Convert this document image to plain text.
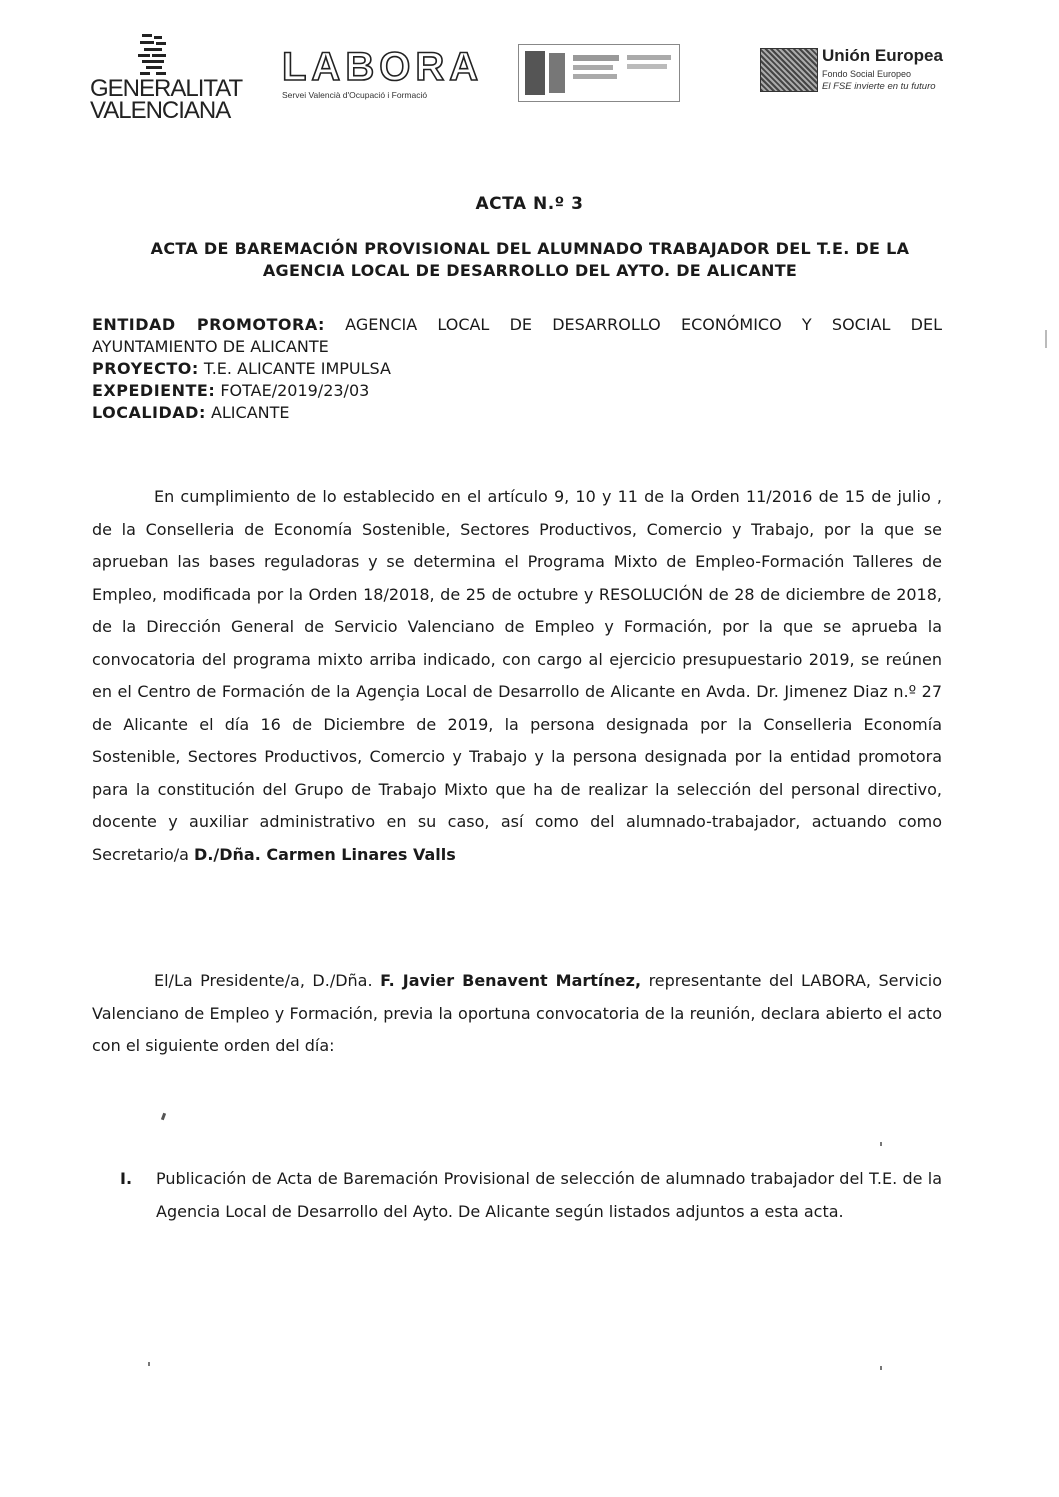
GENERALITAT
VALENCIANA
LABORA
Servei Valencià d'Ocupació i Formació
Unión Europea
Fondo Social Europeo
El FSE invierte en tu futuro
ACTA N.º 3
ACTA DE BAREMACIÓN PROVISIONAL DEL ALUMNADO TRABAJADOR DEL T.E. DE LA
AGENCIA LOCAL DE DESARROLLO DEL AYTO. DE ALICANTE
ENTIDAD PROMOTORA: AGENCIA LOCAL DE DESARROLLO ECONÓMICO Y SOCIAL DEL
AYUNTAMIENTO DE ALICANTE
PROYECTO: T.E. ALICANTE IMPULSA
EXPEDIENTE: FOTAE/2019/23/03
LOCALIDAD: ALICANTE
En cumplimiento de lo establecido en el artículo 9, 10 y 11 de la Orden 11/2016 de 15 de julio , de la Conselleria de Economía Sostenible, Sectores Productivos, Comercio y Trabajo, por la que se aprueban las bases reguladoras y se determina el Programa Mixto de Empleo-Formación Talleres de Empleo, modificada por la Orden 18/2018, de 25 de octubre y RESOLUCIÓN de 28 de diciembre de 2018, de la Dirección General de Servicio Valenciano de Empleo y Formación, por la que se aprueba la convocatoria del programa mixto arriba indicado, con cargo al ejercicio presupuestario 2019, se reúnen en el Centro de Formación de la Agençia Local de Desarrollo de Alicante en Avda. Dr. Jimenez Diaz n.º 27 de Alicante el día 16 de Diciembre de 2019, la persona designada por la Conselleria Economía Sostenible, Sectores Productivos, Comercio y Trabajo y la persona designada por la entidad promotora para la constitución del Grupo de Trabajo Mixto que ha de realizar la selección del personal directivo, docente y auxiliar administrativo en su caso, así como del alumnado-trabajador, actuando como Secretario/a D./Dña. Carmen Linares Valls
El/La Presidente/a, D./Dña. F. Javier Benavent Martínez, representante del LABORA, Servicio Valenciano de Empleo y Formación, previa la oportuna convocatoria de la reunión, declara abierto el acto con el siguiente orden del día:
I. Publicación de Acta de Baremación Provisional de selección de alumnado trabajador del T.E. de la Agencia Local de Desarrollo del Ayto. De Alicante según listados adjuntos a esta acta.
